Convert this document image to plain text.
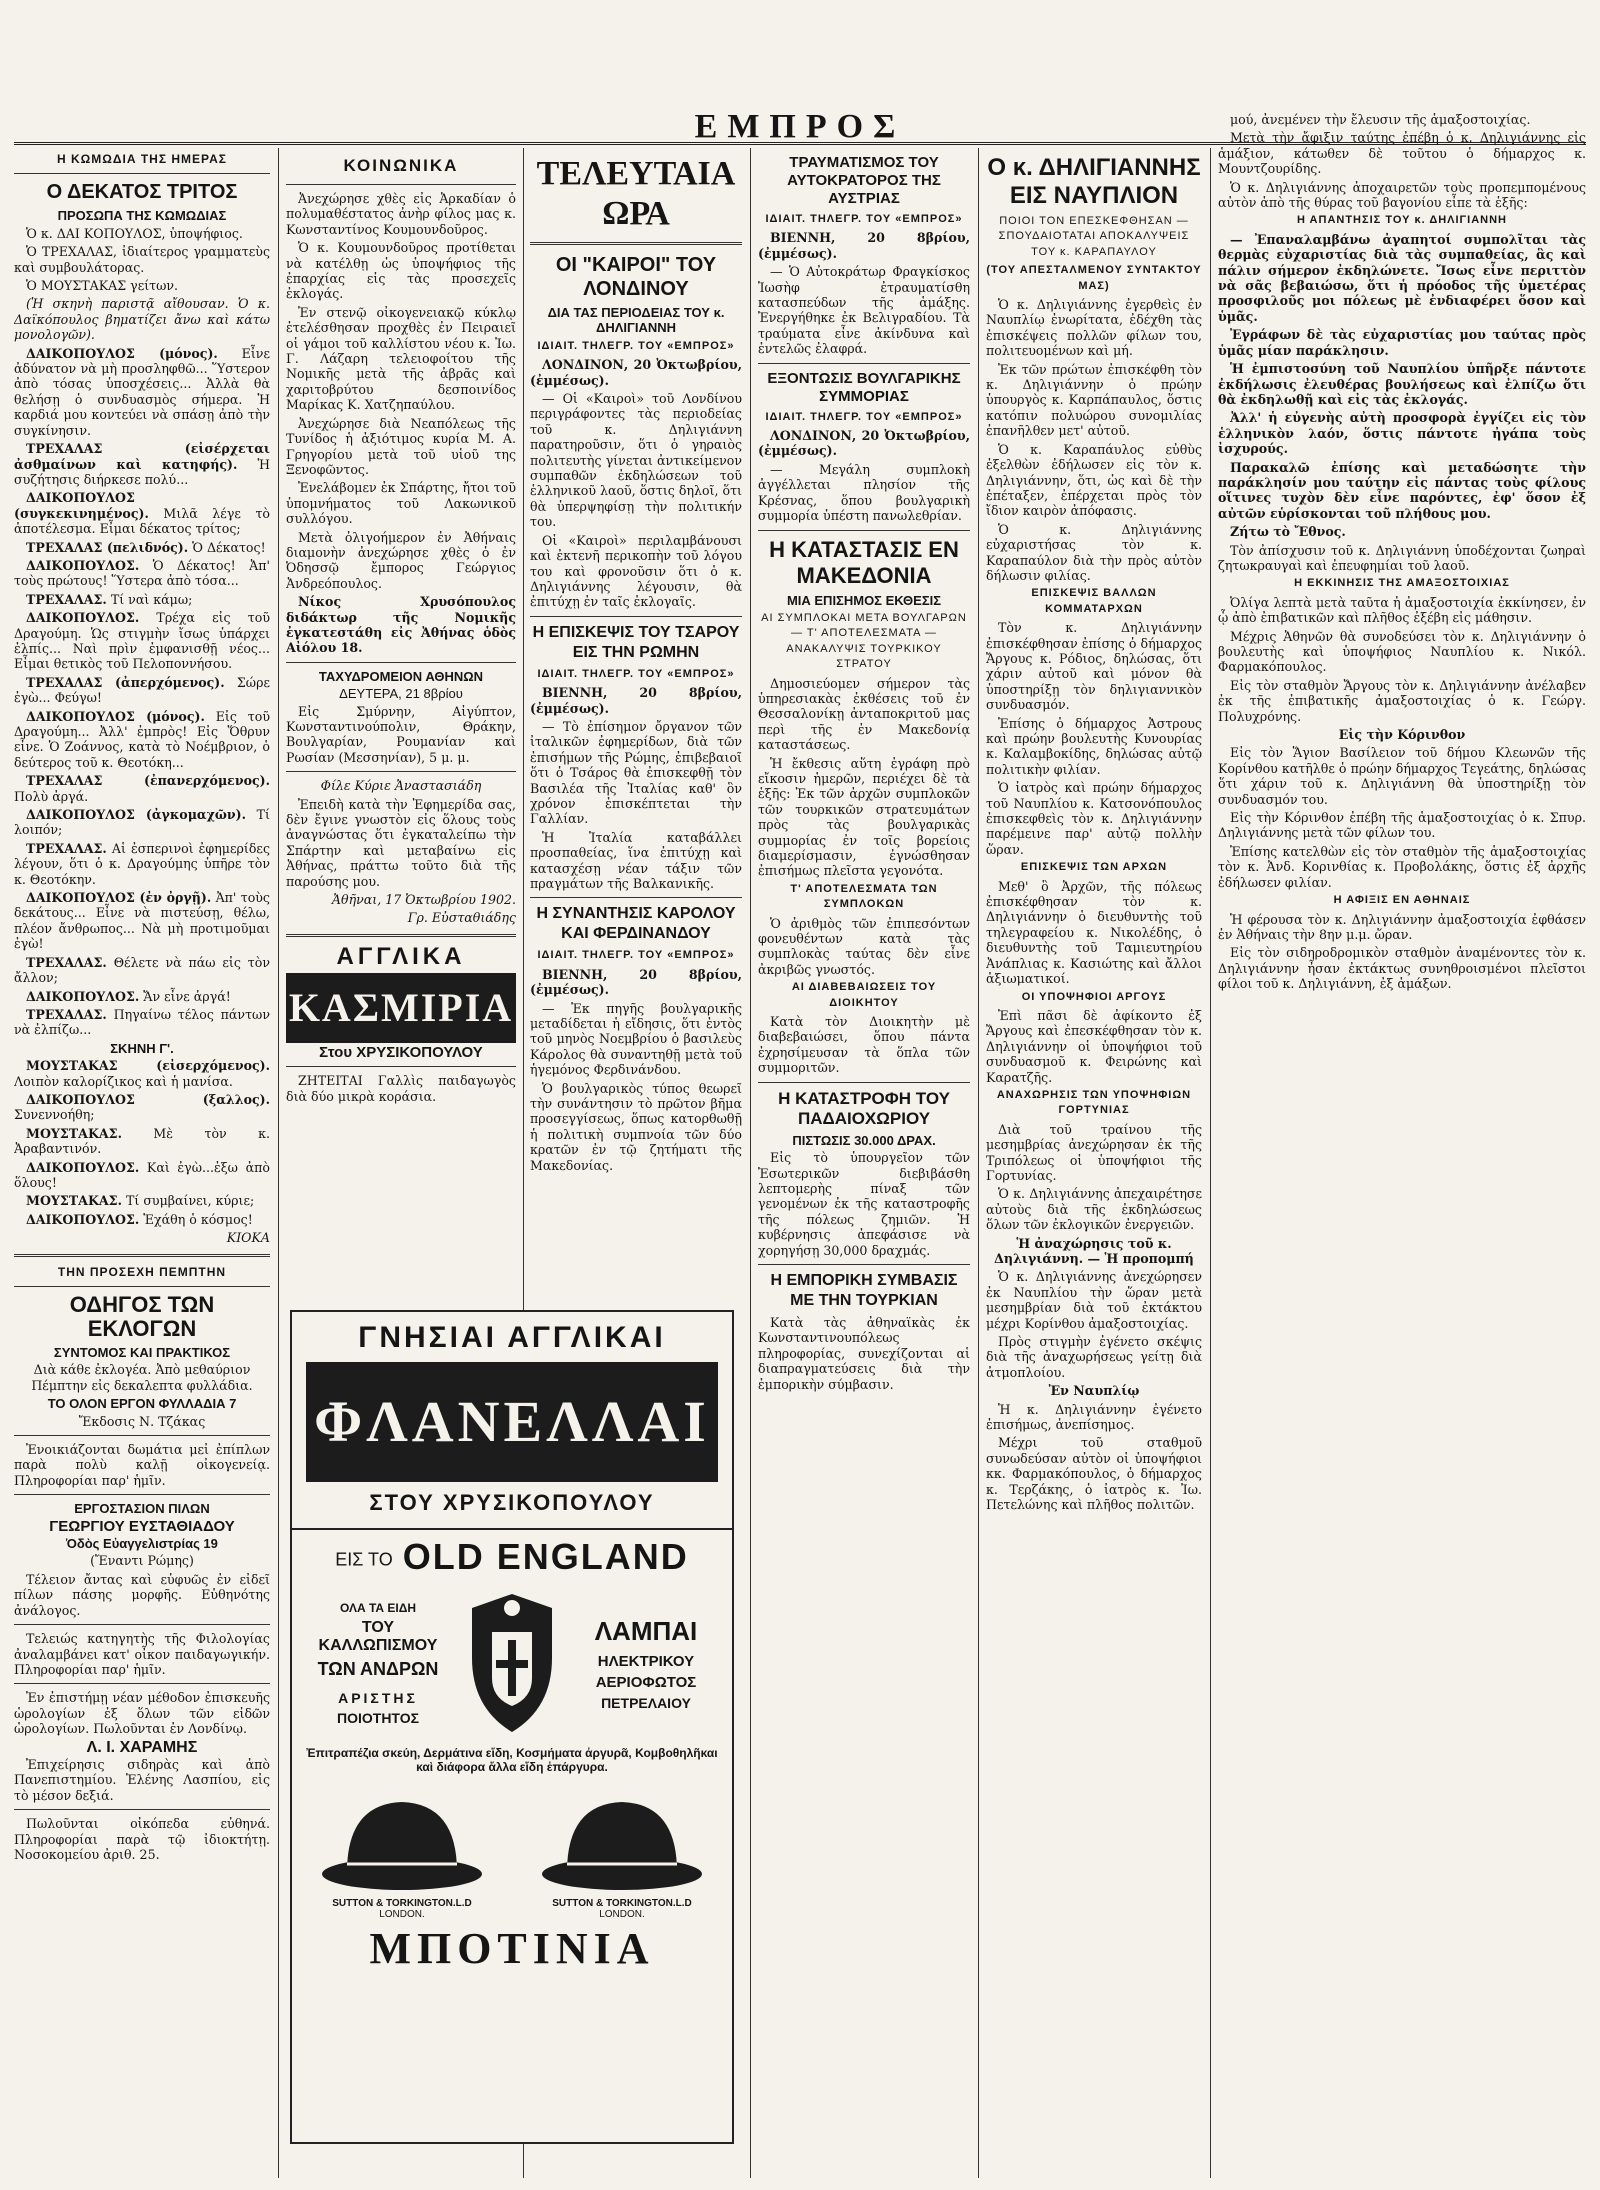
ΕΜΠΡΟΣ
Η ΚΩΜΩΔΙΑ ΤΗΣ ΗΜΕΡΑΣ
Ο ΔΕΚΑΤΟΣ ΤΡΙΤΟΣ
ΠΡΟΣΩΠΑ ΤΗΣ ΚΩΜΩΔΙΑΣ

Ὁ κ. ΔΑΙ ΚΟΠΟΥΛΟΣ, ὑποψήφιος.

Ὁ ΤΡΕΧΑΛΑΣ, ἰδιαίτερος γραμματεὺς καὶ συμβουλάτορας.

Ὁ ΜΟΥΣΤΑΚΑΣ γείτων.

(Ἡ σκηνὴ παριστᾷ αἴθουσαν. Ὁ κ. Δαϊκόπουλος βηματίζει ἄνω καὶ κάτω μονολογῶν).

ΔΑΙΚΟΠΟΥΛΟΣ (μόνος). Εἶνε ἀδύνατον νὰ μὴ προσληφθῶ... Ὕστερον ἀπὸ τόσας ὑποσχέσεις... Ἀλλὰ θὰ θελήσῃ ὁ συνδυασμὸς σήμερα. Ἡ καρδιά μου κοντεύει νὰ σπάσῃ ἀπὸ τὴν συγκίνησιν.

ΤΡΕΧΑΛΑΣ (εἰσέρχεται ἀσθμαίνων καὶ κατηφής). Ἡ συζήτησις διήρκεσε πολύ...

ΔΑΙΚΟΠΟΥΛΟΣ (συγκεκινημένος). Μιλᾶ λέγε τὸ ἀποτέλεσμα. Εἶμαι δέκατος τρίτος;

ΤΡΕΧΑΛΑΣ (πελιδνός). Ὁ Δέκατος!

ΔΑΙΚΟΠΟΥΛΟΣ. Ὁ Δέκατος! Ἀπ' τοὺς πρώτους! Ὕστερα ἀπὸ τόσα...

ΤΡΕΧΑΛΑΣ. Τί ναὶ κάμω;

ΔΑΙΚΟΠΟΥΛΟΣ. Τρέχα εἰς τοῦ Δραγούμη. Ὡς στιγμὴν ἴσως ὑπάρχει ἐλπίς... Ναὶ πρὶν ἐμφανισθῇ νέος... Εἶμαι θετικὸς τοῦ Πελοποννήσου.

ΤΡΕΧΑΛΑΣ (ἀπερχόμενος). Σώρε ἐγὼ... Φεύγω!

ΔΑΙΚΟΠΟΥΛΟΣ (μόνος). Εἰς τοῦ Δραγούμη... Ἀλλ' ἐμπρὸς! Εἰς Ὅθρυν εἶνε. Ὁ Ζοάννος, κατὰ τὸ Νοέμβριον, ὁ δεύτερος τοῦ κ. Θεοτόκη...

ΤΡΕΧΑΛΑΣ (ἐπανερχόμενος). Πολὺ ἀργά.

ΔΑΙΚΟΠΟΥΛΟΣ (ἀγκομαχῶν). Τί λοιπόν;

ΤΡΕΧΑΛΑΣ. Αἱ ἐσπερινοὶ ἐφημερίδες λέγουν, ὅτι ὁ κ. Δραγούμης ὑπῆρε τὸν κ. Θεοτόκην.

ΔΑΙΚΟΠΟΥΛΟΣ (ἐν ὀργῇ). Ἀπ' τοὺς δεκάτους... Εἶνε νὰ πιστεύσῃ, θέλω, πλέον ἄνθρωπος... Νὰ μὴ προτιμοῦμαι ἐγὼ!

ΤΡΕΧΑΛΑΣ. Θέλετε νὰ πάω εἰς τὸν ἄλλον;

ΔΑΙΚΟΠΟΥΛΟΣ. Ἄν εἶνε ἀργά!

ΤΡΕΧΑΛΑΣ. Πηγαίνω τέλος πάντων νὰ ἐλπίζω...

ΣΚΗΝΗ Γ'.

ΜΟΥΣΤΑΚΑΣ (εἰσερχόμενος). Λοιπὸν καλορίζικος καὶ ἡ μανίσα.

ΔΑΙΚΟΠΟΥΛΟΣ (ξαλλος). Συνεννοήθη;

ΜΟΥΣΤΑΚΑΣ. Μὲ τὸν κ. Ἀραβαντινόν.

ΔΑΙΚΟΠΟΥΛΟΣ. Καὶ ἐγὼ...ἐξω ἀπὸ ὅλους!

ΜΟΥΣΤΑΚΑΣ. Τί συμβαίνει, κύριε;

ΔΑΙΚΟΠΟΥΛΟΣ. Ἐχάθη ὁ κόσμος!

ΚΙΟΚΑ
ΤΗΝ ΠΡΟΣΕΧΗ ΠΕΜΠΤΗΝ
ΟΔΗΓΟΣ ΤΩΝ ΕΚΛΟΓΩΝ
ΣΥΝΤΟΜΟΣ ΚΑΙ ΠΡΑΚΤΙΚΟΣ

Διὰ κάθε ἐκλογέα. Ἀπὸ μεθαύριον Πέμπτην εἰς δεκαλεπτα φυλλάδια.

ΤΟ ΟΛΟΝ ΕΡΓΟΝ ΦΥΛΛΑΔΙΑ 7

Ἔκδοσις Ν. Τζάκας

Ἐνοικιάζονται δωμάτια μεἰ ἐπίπλων παρὰ πολὺ καλῇ οἰκογενείᾳ. Πληροφορίαι παρ' ἡμῖν.

ΕΡΓΟΣΤΑΣΙΟΝ ΠΙΛΩΝ
ΓΕΩΡΓΙΟΥ ΕΥΣΤΑΘΙΑΔΟΥ
Ὁδὸς Εὐαγγελιστρίας 19

(Ἔναντι Ρώμης)

Τέλειον ἄντας καὶ εὐφυῶς ἐν εἰδεῖ πίλων πάσης μορφῆς. Εὐθηνότης ἀνάλογος.

Τελειώς κατηγητὴς τῆς Φιλολογίας ἀναλαμβάνει κατ' οἶκον παιδαγωγικήν. Πληροφορίαι παρ' ἡμῖν.

Ἐν ἐπιστήμῃ νέαν μέθοδον ἐπισκευῆς ὡρολογίων ἐξ ὅλων τῶν εἰδῶν ὡρολογίων. Πωλοῦνται ἐν Λονδίνῳ.

Λ. Ι. ΧΑΡΑΜΗΣ

Ἐπιχείρησις σιδηρὰς καὶ ἀπὸ Πανεπιστημίου. Ἑλένης Λασπίου, εἰς τὸ μέσον δεξιά.

Πωλοῦνται οἰκόπεδα εὐθηνά. Πληροφορίαι παρὰ τῷ ἰδιοκτήτῃ. Νοσοκομείου ἀριθ. 25.

ΚΟΙΝΩΝΙΚΑ

Ἀνεχώρησε χθὲς εἰς Ἀρκαδίαν ὁ πολυμαθέστατος ἀνὴρ φίλος μας κ. Κωνσταντίνος Κουμουνδοῦρος.

Ὁ κ. Κουμουνδοῦρος προτίθεται νὰ κατέλθῃ ὡς ὑποψήφιος τῆς ἐπαρχίας εἰς τὰς προσεχεῖς ἐκλογάς.

Ἐν στενῷ οἰκογενειακῷ κύκλῳ ἐτελέσθησαν προχθὲς ἐν Πειραιεῖ οἱ γάμοι τοῦ καλλίστου νέου κ. Ἰω. Γ. Λάζαρη τελειοφοίτου τῆς Νομικῆς μετὰ τῆς ἀβρᾶς καὶ χαριτοβρύτου δεσποινίδος Μαρίκας Κ. Χατζηπαύλου.

Ἀνεχώρησε διὰ Νεαπόλεως τῆς Τυνίδος ἡ ἀξιότιμος κυρία Μ. Α. Γρηγορίου μετὰ τοῦ υἱοῦ της Ξενοφῶντος.

Ἐνελάβομεν ἐκ Σπάρτης, ἤτοι τοῦ ὑπομνήματος τοῦ Λακωνικοῦ συλλόγου.

Μετὰ ὀλιγοήμερον ἐν Ἀθήναις διαμονὴν ἀνεχώρησε χθὲς ὁ ἐν Ὀδησσῷ ἔμπορος Γεώργιος Ἀνδρεόπουλος.

Νίκος Χρυσόπουλος διδάκτωρ τῆς Νομικῆς ἐγκατεστάθη εἰς Ἀθήνας ὁδὸς Αἰόλου 18.

ΤΑΧΥΔΡΟΜΕΙΟΝ ΑΘΗΝΩΝ
ΔΕΥΤΕΡΑ, 21 8βρίου

Εἰς Σμύρνην, Αἰγύπτον, Κωνσταντινούπολιν, Θράκην, Βουλγαρίαν, Ρουμανίαν καὶ Ρωσίαν (Μεσσηνίαν), 5 μ. μ.

Φίλε Κύριε Ἀναστασιάδη

Ἐπειδὴ κατὰ τὴν Ἐφημερίδα σας, δὲν ἔγινε γνωστὸν εἰς ὅλους τοὺς ἀναγνώστας ὅτι ἐγκαταλείπω τὴν Σπάρτην καὶ μεταβαίνω εἰς Ἀθήνας, πράττω τοῦτο διὰ τῆς παρούσης μου.

Ἀθῆναι, 17 Ὀκτωβρίου 1902.

Γρ. Εὐσταθιάδης

ΑΓΓΛΙΚΑ
ΚΑΣΜΙΡΙΑ
Στου ΧΡΥΣΙΚΟΠΟΥΛΟΥ

ΖΗΤΕΙΤΑΙ Γαλλὶς παιδαγωγὸς διὰ δύο μικρὰ κοράσια.

ΤΕΛΕΥΤΑΙΑ ΩΡΑ
ΟΙ "ΚΑΙΡΟΙ" ΤΟΥ ΛΟΝΔΙΝΟΥ
ΔΙΑ ΤΑΣ ΠΕΡΙΟΔΕΙΑΣ ΤΟΥ κ. ΔΗΛΙΓΙΑΝΝΗ
ΙΔΙΑΙΤ. ΤΗΛΕΓΡ. ΤΟΥ «ΕΜΠΡΟΣ»

ΛΟΝΔΙΝΟΝ, 20 Ὀκτωβρίου, (ἐμμέσως).

— Οἱ «Καιροὶ» τοῦ Λονδίνου περιγράφοντες τὰς περιοδείας τοῦ κ. Δηλιγιάννη παρατηροῦσιν, ὅτι ὁ γηραιὸς πολιτευτὴς γίνεται ἀντικείμενον συμπαθῶν ἐκδηλώσεων τοῦ ἑλληνικοῦ λαοῦ, ὅστις δηλοῖ, ὅτι θὰ ὑπερψηφίσῃ τὴν πολιτικήν του.

Οἱ «Καιροὶ» περιλαμβάνουσι καὶ ἐκτενῆ περικοπὴν τοῦ λόγου του καὶ φρονοῦσιν ὅτι ὁ κ. Δηλιγιάννης λέγουσιν, θὰ ἐπιτύχῃ ἐν ταῖς ἐκλογαῖς.

Η ΕΠΙΣΚΕΨΙΣ ΤΟΥ ΤΣΑΡΟΥ ΕΙΣ ΤΗΝ ΡΩΜΗΝ
ΙΔΙΑΙΤ. ΤΗΛΕΓΡ. ΤΟΥ «ΕΜΠΡΟΣ»

ΒΙΕΝΝΗ, 20 8βρίου, (ἐμμέσως).

— Τὸ ἐπίσημον ὄργανον τῶν ἰταλικῶν ἐφημερίδων, διὰ τῶν ἐπισήμων τῆς Ρώμης, ἐπιβεβαιοῖ ὅτι ὁ Τσάρος θὰ ἐπισκεφθῇ τὸν Βασιλέα τῆς Ἰταλίας καθ' ὃν χρόνον ἐπισκέπτεται τὴν Γαλλίαν.

Ἡ Ἰταλία καταβάλλει προσπαθείας, ἵνα ἐπιτύχῃ καὶ κατασχέσῃ νέαν τάξιν τῶν πραγμάτων τῆς Βαλκανικῆς.

Η ΣΥΝΑΝΤΗΣΙΣ ΚΑΡΟΛΟΥ ΚΑΙ ΦΕΡΔΙΝΑΝΔΟΥ
ΙΔΙΑΙΤ. ΤΗΛΕΓΡ. ΤΟΥ «ΕΜΠΡΟΣ»

ΒΙΕΝΝΗ, 20 8βρίου, (ἐμμέσως).

— Ἐκ πηγῆς βουλγαρικῆς μεταδίδεται ἡ εἴδησις, ὅτι ἐντὸς τοῦ μηνὸς Νοεμβρίου ὁ βασιλεὺς Κάρολος θὰ συναντηθῇ μετὰ τοῦ ἡγεμόνος Φερδινάνδου.

Ὁ βουλγαρικὸς τύπος θεωρεῖ τὴν συνάντησιν τὸ πρῶτον βῆμα προσεγγίσεως, ὅπως κατορθωθῇ ἡ πολιτικὴ συμπνοία τῶν δύο κρατῶν ἐν τῷ ζητήματι τῆς Μακεδονίας.

ΤΡΑΥΜΑΤΙΣΜΟΣ ΤΟΥ ΑΥΤΟΚΡΑΤΟΡΟΣ ΤΗΣ ΑΥΣΤΡΙΑΣ
ΙΔΙΑΙΤ. ΤΗΛΕΓΡ. ΤΟΥ «ΕΜΠΡΟΣ»

ΒΙΕΝΝΗ, 20 8βρίου, (ἐμμέσως).

— Ὁ Αὐτοκράτωρ Φραγκίσκος Ἰωσὴφ ἐτραυματίσθη κατασπεύδων τῆς ἁμάξης. Ἐνεργήθηκε ἐκ Βελιγραδίου. Τὰ τραύματα εἶνε ἀκίνδυνα καὶ ἐντελῶς ἐλαφρά.

ΕΞΟΝΤΩΣΙΣ ΒΟΥΛΓΑΡΙΚΗΣ ΣΥΜΜΟΡΙΑΣ
ΙΔΙΑΙΤ. ΤΗΛΕΓΡ. ΤΟΥ «ΕΜΠΡΟΣ»

ΛΟΝΔΙΝΟΝ, 20 Ὀκτωβρίου, (ἐμμέσως).

— Μεγάλη συμπλοκὴ ἀγγέλλεται πλησίον τῆς Κρέσνας, ὅπου βουλγαρικὴ συμμορία ὑπέστη πανωλεθρίαν.

Η ΚΑΤΑΣΤΑΣΙΣ ΕΝ ΜΑΚΕΔΟΝΙΑ
ΜΙΑ ΕΠΙΣΗΜΟΣ ΕΚΘΕΣΙΣ
ΑΙ ΣΥΜΠΛΟΚΑΙ ΜΕΤΑ ΒΟΥΛΓΑΡΩΝ — Τ' ΑΠΟΤΕΛΕΣΜΑΤΑ — ΑΝΑΚΑΛΥΨΙΣ ΤΟΥΡΚΙΚΟΥ ΣΤΡΑΤΟΥ

Δημοσιεύομεν σήμερον τὰς ὑπηρεσιακὰς ἐκθέσεις τοῦ ἐν Θεσσαλονίκῃ ἀνταποκριτοῦ μας περὶ τῆς ἐν Μακεδονίᾳ καταστάσεως.

Ἡ ἔκθεσις αὕτη ἐγράφη πρὸ εἴκοσιν ἡμερῶν, περιέχει δὲ τὰ ἑξῆς: Ἐκ τῶν ἀρχῶν συμπλοκῶν τῶν τουρκικῶν στρατευμάτων πρὸς τὰς βουλγαρικὰς συμμορίας ἐν τοῖς βορείοις διαμερίσμασιν, ἐγνώσθησαν ἐπισήμως πλεῖστα γεγονότα.

Τ' ΑΠΟΤΕΛΕΣΜΑΤΑ ΤΩΝ ΣΥΜΠΛΟΚΩΝ

Ὁ ἀριθμὸς τῶν ἐπιπεσόντων φονευθέντων κατὰ τὰς συμπλοκὰς ταύτας δὲν εἶνε ἀκριβῶς γνωστός.

ΑΙ ΔΙΑΒΕΒΑΙΩΣΕΙΣ ΤΟΥ ΔΙΟΙΚΗΤΟΥ

Κατὰ τὸν Διοικητὴν μὲ διαβεβαιώσει, ὅπου πάντα ἐχρησίμευσαν τὰ ὅπλα τῶν συμμοριτῶν.

Η ΚΑΤΑΣΤΡΟΦΗ ΤΟΥ ΠΑΔΑΙΟΧΩΡΙΟΥ
ΠΙΣΤΩΣΙΣ 30.000 ΔΡΑΧ.

Εἰς τὸ ὑπουργεῖον τῶν Ἐσωτερικῶν διεβιβάσθη λεπτομερὴς πίναξ τῶν γενομένων ἐκ τῆς καταστροφῆς τῆς πόλεως ζημιῶν. Ἡ κυβέρνησις ἀπεφάσισε νὰ χορηγήσῃ 30,000 δραχμάς.

Η ΕΜΠΟΡΙΚΗ ΣΥΜΒΑΣΙΣ ΜΕ ΤΗΝ ΤΟΥΡΚΙΑΝ

Κατὰ τὰς ἀθηναϊκὰς ἐκ Κωνσταντινουπόλεως πληροφορίας, συνεχίζονται αἱ διαπραγματεύσεις διὰ τὴν ἐμπορικὴν σύμβασιν.

Ο κ. ΔΗΛΙΓΙΑΝΝΗΣ ΕΙΣ ΝΑΥΠΛΙΟΝ
ΠΟΙΟΙ ΤΟΝ ΕΠΕΣΚΕΦΘΗΣΑΝ — ΣΠΟΥΔΑΙΟΤΑΤΑΙ ΑΠΟΚΑΛΥΨΕΙΣ ΤΟΥ κ. ΚΑΡΑΠΑΥΛΟΥ
(ΤΟΥ ΑΠΕΣΤΑΛΜΕΝΟΥ ΣΥΝΤΑΚΤΟΥ ΜΑΣ)

Ὁ κ. Δηλιγιάννης ἐγερθεὶς ἐν Ναυπλίῳ ἐνωρίτατα, ἐδέχθη τὰς ἐπισκέψεις πολλῶν φίλων του, πολιτευομένων καὶ μή.

Ἐκ τῶν πρώτων ἐπισκέφθη τὸν κ. Δηλιγιάννην ὁ πρώην ὑπουργὸς κ. Καρπάπαυλος, ὅστις κατόπιν πολυώρου συνομιλίας ἐπανῆλθεν μετ' αὐτοῦ.

Ὁ κ. Καραπάυλος εὐθὺς ἐξελθὼν ἐδήλωσεν εἰς τὸν κ. Δηλιγιάννην, ὅτι, ὡς καὶ δὲ τὴν ἐπέταξεν, ἐπέρχεται πρὸς τὸν ἴδιον καιρὸν ἀπόφασις.

Ὁ κ. Δηλιγιάννης εὐχαριστήσας τὸν κ. Καραπαύλον διὰ τὴν πρὸς αὐτὸν δήλωσιν φιλίας.

ΕΠΙΣΚΕΨΙΣ ΒΑΛΛΩΝ ΚΟΜΜΑΤΑΡΧΩΝ

Τὸν κ. Δηλιγιάννην ἐπισκέφθησαν ἐπίσης ὁ δήμαρχος Ἄργους κ. Ρόδιος, δηλώσας, ὅτι χάριν αὐτοῦ καὶ μόνον θὰ ὑποστηρίξῃ τὸν δηλιγιαννικὸν συνδυασμόν.

Ἐπίσης ὁ δήμαρχος Ἀστρους καὶ πρώην βουλευτὴς Κυνουρίας κ. Καλαμβοκίδης, δηλώσας αὐτῷ πολιτικὴν φιλίαν.

Ὁ ἰατρὸς καὶ πρώην δήμαρχος τοῦ Ναυπλίου κ. Κατσονόπουλος ἐπισκεφθεὶς τὸν κ. Δηλιγιάννην παρέμεινε παρ' αὐτῷ πολλὴν ὥραν.

ΕΠΙΣΚΕΨΙΣ ΤΩΝ ΑΡΧΩΝ

Μεθ' ὃ Ἀρχῶν, τῆς πόλεως ἐπισκέφθησαν τὸν κ. Δηλιγιάννην ὁ διευθυντὴς τοῦ τηλεγραφείου κ. Νικολέδης, ὁ διευθυντὴς τοῦ Ταμιευτηρίου Ἀνάπλιας κ. Κασιώτης καὶ ἄλλοι ἀξιωματικοί.

ΟΙ ΥΠΟΨΗΦΙΟΙ ΑΡΓΟΥΣ

Ἐπὶ πᾶσι δὲ ἀφίκοντο ἐξ Ἄργους καὶ ἐπεσκέφθησαν τὸν κ. Δηλιγιάννην οἱ ὑποψήφιοι τοῦ συνδυασμοῦ κ. Φειρώνης καὶ Καρατζῆς.

ΑΝΑΧΩΡΗΣΙΣ ΤΩΝ ΥΠΟΨΗΦΙΩΝ ΓΟΡΤΥΝΙΑΣ

Διὰ τοῦ τραίνου τῆς μεσημβρίας ἀνεχώρησαν ἐκ τῆς Τριπόλεως οἱ ὑποψήφιοι τῆς Γορτυνίας.

Ὁ κ. Δηλιγιάννης ἀπεχαιρέτησε αὐτοὺς διὰ τῆς ἐκδηλώσεως ὅλων τῶν ἐκλογικῶν ἐνεργειῶν.

Ἡ ἀναχώρησις τοῦ κ. Δηλιγιάννη. — Ἡ προπομπή

Ὁ κ. Δηλιγιάννης ἀνεχώρησεν ἐκ Ναυπλίου τὴν ὥραν μετὰ μεσημβρίαν διὰ τοῦ ἐκτάκτου μέχρι Κορίνθου ἀμαξοστοιχίας.

Πρὸς στιγμὴν ἐγένετο σκέψις διὰ τῆς ἀναχωρήσεως γείτῃ διὰ ἀτμοπλοίου.

Ἐν Ναυπλίῳ

Ἡ κ. Δηλιγιάννην ἐγένετο ἐπισήμως, ἀνεπίσημος.

Μέχρι τοῦ σταθμοῦ συνωδεύσαν αὐτὸν οἱ ὑποψήφιοι κκ. Φαρμακόπουλος, ὁ δήμαρχος κ. Τερζάκης, ὁ ἰατρὸς κ. Ἰω. Πετελώνης καὶ πλῆθος πολιτῶν.

μού, ἀνεμένεν τὴν ἔλευσιν τῆς ἁμαξοστοιχίας.

Μετὰ τὴν ἄφιξιν ταύτης ἐπέβη ὁ κ. Δηλιγιάννης εἰς ἁμάξιον, κάτωθεν δὲ τοῦτου ὁ δήμαρχος κ. Μουντζουρίδης.

Ὁ κ. Δηλιγιάννης ἀποχαιρετῶν τοὺς προπεμπομένους αὐτὸν ἀπὸ τῆς θύρας τοῦ βαγονίου εἶπε τὰ ἑξῆς:

Η ΑΠΑΝΤΗΣΙΣ ΤΟΥ κ. ΔΗΛΙΓΙΑΝΝΗ

— Ἐπαναλαμβάνω ἀγαπητοί συμπολῖται τὰς θερμὰς εὐχαριστίας διὰ τὰς συμπαθείας, ἃς καὶ πάλιν σήμερον ἐκδηλώνετε. Ἴσως εἶνε περιττὸν νὰ σᾶς βεβαιώσω, ὅτι ἡ πρόοδος τῆς ὑμετέρας προσφιλοῦς μοι πόλεως μὲ ἐνδιαφέρει ὅσον καὶ ὑμᾶς.

Ἐγράφων δὲ τὰς εὐχαριστίας μου ταύτας πρὸς ὑμᾶς μίαν παράκλησιν.

Ἡ ἐμπιστοσύνη τοῦ Ναυπλίου ὑπῆρξε πάντοτε ἐκδήλωσις ἐλευθέρας βουλήσεως καὶ ἐλπίζω ὅτι θὰ ἐκδηλωθῇ καὶ εἰς τὰς ἐκλογάς.

Ἀλλ' ἡ εὐγενὴς αὐτὴ προσφορὰ ἐγγίζει εἰς τὸν ἑλληνικὸν λαόν, ὅστις πάντοτε ἠγάπα τοὺς ἰσχυρούς.

Παρακαλῶ ἐπίσης καὶ μεταδώσητε τὴν παράκλησίν μου ταύτην εἰς πάντας τοὺς φίλους οἵτινες τυχὸν δὲν εἶνε παρόντες, ἐφ' ὅσον ἐξ αὐτῶν εὑρίσκονται τοῦ πλήθους μου.

Ζήτω τὸ Ἔθνος.

Τὸν ἀπίσχυσιν τοῦ κ. Δηλιγιάννη ὑποδέχονται ζωηραὶ ζητωκραυγαὶ καὶ ἐπευφημίαι τοῦ λαοῦ.

Η ΕΚΚΙΝΗΣΙΣ ΤΗΣ ΑΜΑΞΟΣΤΟΙΧΙΑΣ

Ὀλίγα λεπτὰ μετὰ ταῦτα ἡ ἀμαξοστοιχία ἐκκίνησεν, ἐν ᾧ ἀπὸ ἐπιβατικῶν καὶ πλῆθος ἐξέβη εἰς μάθησιν.

Μέχρις Ἀθηνῶν θὰ συνοδεύσει τὸν κ. Δηλιγιάννην ὁ βουλευτὴς καὶ ὑποψήφιος Ναυπλίου κ. Νικόλ. Φαρμακόπουλος.

Εἰς τὸν σταθμὸν Ἄργους τὸν κ. Δηλιγιάννην ἀνέλαβεν ἐκ τῆς ἐπιβατικῆς ἀμαξοστοιχίας ὁ κ. Γεώργ. Πολυχρόνης.

Εἰς τὴν Κόρινθον

Εἰς τὸν Ἅγιον Βασίλειον τοῦ δήμου Κλεωνῶν τῆς Κορίνθου κατῆλθε ὁ πρώην δήμαρχος Τεγεάτης, δηλώσας ὅτι χάριν τοῦ κ. Δηλιγιάννη θὰ ὑποστηρίξῃ τὸν συνδυασμόν του.

Εἰς τὴν Κόρινθον ἐπέβη τῆς ἁμαξοστοιχίας ὁ κ. Σπυρ. Δηλιγιάννης μετὰ τῶν φίλων του.

Ἐπίσης κατελθὼν εἰς τὸν σταθμὸν τῆς ἁμαξοστοιχίας τὸν κ. Ἀνδ. Κορινθίας κ. Προβολάκης, ὅστις ἐξ ἀρχῆς ἐδήλωσεν φιλίαν.

Η ΑΦΙΞΙΣ ΕΝ ΑΘΗΝΑΙΣ

Ἡ φέρουσα τὸν κ. Δηλιγιάννην ἀμαξοστοιχία ἐφθάσεν ἐν Ἀθήναις τὴν 8ην μ.μ. ὥραν.

Εἰς τὸν σιδηροδρομικὸν σταθμὸν ἀναμένοντες τὸν κ. Δηλιγιάννην ἦσαν ἐκτάκτως συνηθροισμένοι πλεῖστοι φίλοι τοῦ κ. Δηλιγιάννη, ἐξ ἁμάξων.

ΓΝΗΣΙΑΙ ΑΓΓΛΙΚΑΙ
ΦΛΑΝΕΛΛΑΙ
ΣΤΟΥ ΧΡΥΣΙΚΟΠΟΥΛΟΥ
ΕΙΣ ΤΟ OLD ENGLAND
ΟΛΑ ΤΑ ΕΙΔΗ
ΤΟΥ ΚΑΛΛΩΠΙΣΜΟΥ
ΤΩΝ ΑΝΔΡΩΝ
ΑΡΙΣΤΗΣ
ΠΟΙΟΤΗΤΟΣ
ΛΑΜΠΑΙ
ΗΛΕΚΤΡΙΚΟΥ
ΑΕΡΙΟΦΩΤΟΣ
ΠΕΤΡΕΛΑΙΟΥ
Ἐπιτραπέζια σκεύη, Δερμάτινα εἴδη, Κοσμήματα ἀργυρᾶ, Κομβοθηλῆκαι καὶ διάφορα ἄλλα εἴδη ἐπάργυρα.
SUTTON & TORKINGTON.L.D
LONDON.
SUTTON & TORKINGTON.L.D
LONDON.
ΜΠΟΤΙΝΙΑ
